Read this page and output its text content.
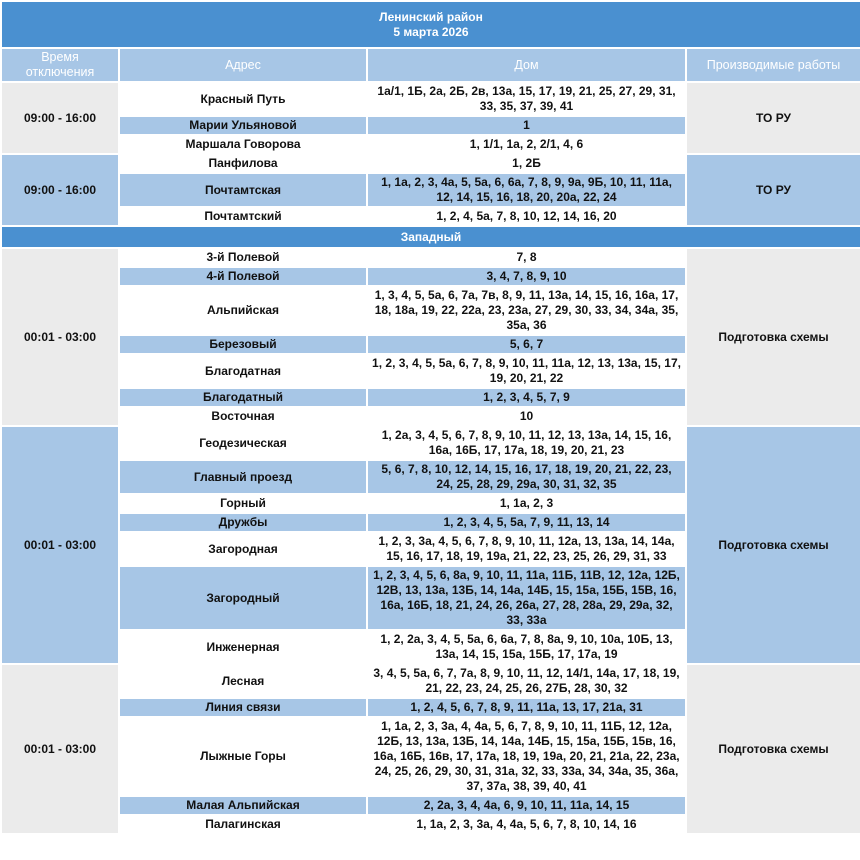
Ленинский район
5 марта 2026			

Время отключения	Адрес	Дом	Производимые работы
09:00 - 16:00	Красный Путь	1а/1, 1Б, 2а, 2Б, 2в, 13а, 15, 17, 19, 21, 25, 27, 29, 31, 33, 35, 37, 39, 41	ТО РУ
	Марии Ульяновой	1	
	Маршала Говорова	1, 1/1, 1а, 2, 2/1, 4, 6	
09:00 - 16:00	Панфилова	1, 2Б	ТО РУ
	Почтамтская	1, 1а, 2, 3, 4а, 5, 5а, 6, 6а, 7, 8, 9, 9а, 9Б, 10, 11, 11а, 12, 14, 15, 16, 18, 20, 20а, 22, 24	
	Почтамтский	1, 2, 4, 5а, 7, 8, 10, 12, 14, 16, 20	
Западный			
00:01 - 03:00	3-й Полевой	7, 8	Подготовка схемы
	4-й Полевой	3, 4, 7, 8, 9, 10	
	Альпийская	1, 3, 4, 5, 5а, 6, 7а, 7в, 8, 9, 11, 13а, 14, 15, 16, 16а, 17, 18, 18а, 19, 22, 22а, 23, 23а, 27, 29, 30, 33, 34, 34а, 35, 35а, 36	
	Березовый	5, 6, 7	
	Благодатная	1, 2, 3, 4, 5, 5а, 6, 7, 8, 9, 10, 11, 11а, 12, 13, 13а, 15, 17, 19, 20, 21, 22	
	Благодатный	1, 2, 3, 4, 5, 7, 9	
	Восточная	10	
00:01 - 03:00	Геодезическая	1, 2а, 3, 4, 5, 6, 7, 8, 9, 10, 11, 12, 13, 13а, 14, 15, 16, 16а, 16Б, 17, 17а, 18, 19, 20, 21, 23	Подготовка схемы
	Главный проезд	5, 6, 7, 8, 10, 12, 14, 15, 16, 17, 18, 19, 20, 21, 22, 23, 24, 25, 28, 29, 29а, 30, 31, 32, 35	
	Горный	1, 1а, 2, 3	
	Дружбы	1, 2, 3, 4, 5, 5а, 7, 9, 11, 13, 14	
	Загородная	1, 2, 3, 3а, 4, 5, 6, 7, 8, 9, 10, 11, 12а, 13, 13а, 14, 14а, 15, 16, 17, 18, 19, 19а, 21, 22, 23, 25, 26, 29, 31, 33	
	Загородный	1, 2, 3, 4, 5, 6, 8а, 9, 10, 11, 11а, 11Б, 11В, 12, 12а, 12Б, 12В, 13, 13а, 13Б, 14, 14а, 14Б, 15, 15а, 15Б, 15В, 16, 16а, 16Б, 18, 21, 24, 26, 26а, 27, 28, 28а, 29, 29а, 32, 33, 33а	
	Инженерная	1, 2, 2а, 3, 4, 5, 5а, 6, 6а, 7, 8, 8а, 9, 10, 10а, 10Б, 13, 13а, 14, 15, 15а, 15Б, 17, 17а, 19	
00:01 - 03:00	Лесная	3, 4, 5, 5а, 6, 7, 7а, 8, 9, 10, 11, 12, 14/1, 14а, 17, 18, 19, 21, 22, 23, 24, 25, 26, 27Б, 28, 30, 32	Подготовка схемы
	Линия связи	1, 2, 4, 5, 6, 7, 8, 9, 11, 11а, 13, 17, 21а, 31	
	Лыжные Горы	1, 1а, 2, 3, 3а, 4, 4а, 5, 6, 7, 8, 9, 10, 11, 11Б, 12, 12а, 12Б, 13, 13а, 13Б, 14, 14а, 14Б, 15, 15а, 15Б, 15в, 16, 16а, 16Б, 16в, 17, 17а, 18, 19, 19а, 20, 21, 21а, 22, 23а, 24, 25, 26, 29, 30, 31, 31а, 32, 33, 33а, 34, 34а, 35, 36а, 37, 37а, 38, 39, 40, 41	
	Малая Альпийская	2, 2а, 3, 4, 4а, 6, 9, 10, 11, 11а, 14, 15	
	Палагинская	1, 1а, 2, 3, 3а, 4, 4а, 5, 6, 7, 8, 10, 14, 16	
